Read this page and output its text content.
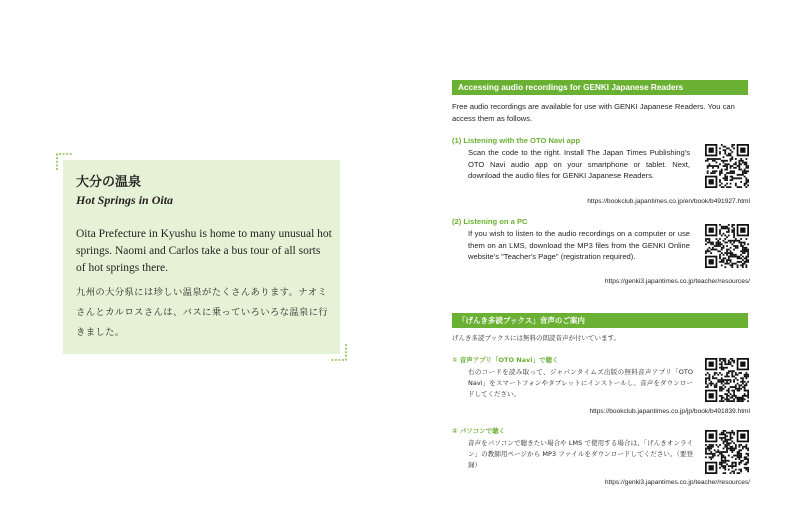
大分の温泉

Hot Springs in Oita

Oita Prefecture in Kyushu is home to many unusual hot springs. Naomi and Carlos take a bus tour of all sorts of hot springs there.

九州の大分県には珍しい温泉がたくさんあります。ナオミさんとカルロスさんは、バスに乗っていろいろな温泉に行きました。

Accessing audio recordings for GENKI Japanese Readers

Free audio recordings are available for use with GENKI Japanese Readers. You can access them as follows.

(1) Listening with the OTO Navi app

Scan the code to the right. Install The Japan Times Publishing's OTO Navi audio app on your smartphone or tablet. Next, download the audio files for GENKI Japanese Readers.

https://bookclub.japantimes.co.jp/en/book/b491927.html
(2) Listening on a PC

If you wish to listen to the audio recordings on a computer or use them on an LMS, download the MP3 files from the GENKI Online website's "Teacher's Page" (registration required).

https://genki3.japantimes.co.jp/teacher/resources/
「げんき多読ブックス」音声のご案内

げんき多読ブックスには無料の朗読音声が付いています。

① 音声アプリ「OTO Navi」で聴く

右のコードを読み取って、ジャパンタイムズ出版の無料音声アプリ「OTO Navi」をスマートフォンやタブレットにインストールし、音声をダウンロードしてください。

https://bookclub.japantimes.co.jp/jp/book/b491839.html
② パソコンで聴く

音声をパソコンで聴きたい場合や LMS で使用する場合は、「げんきオンライン」の教師用ページから MP3 ファイルをダウンロードしてください。（要登録）

https://genki3.japantimes.co.jp/teacher/resources/
